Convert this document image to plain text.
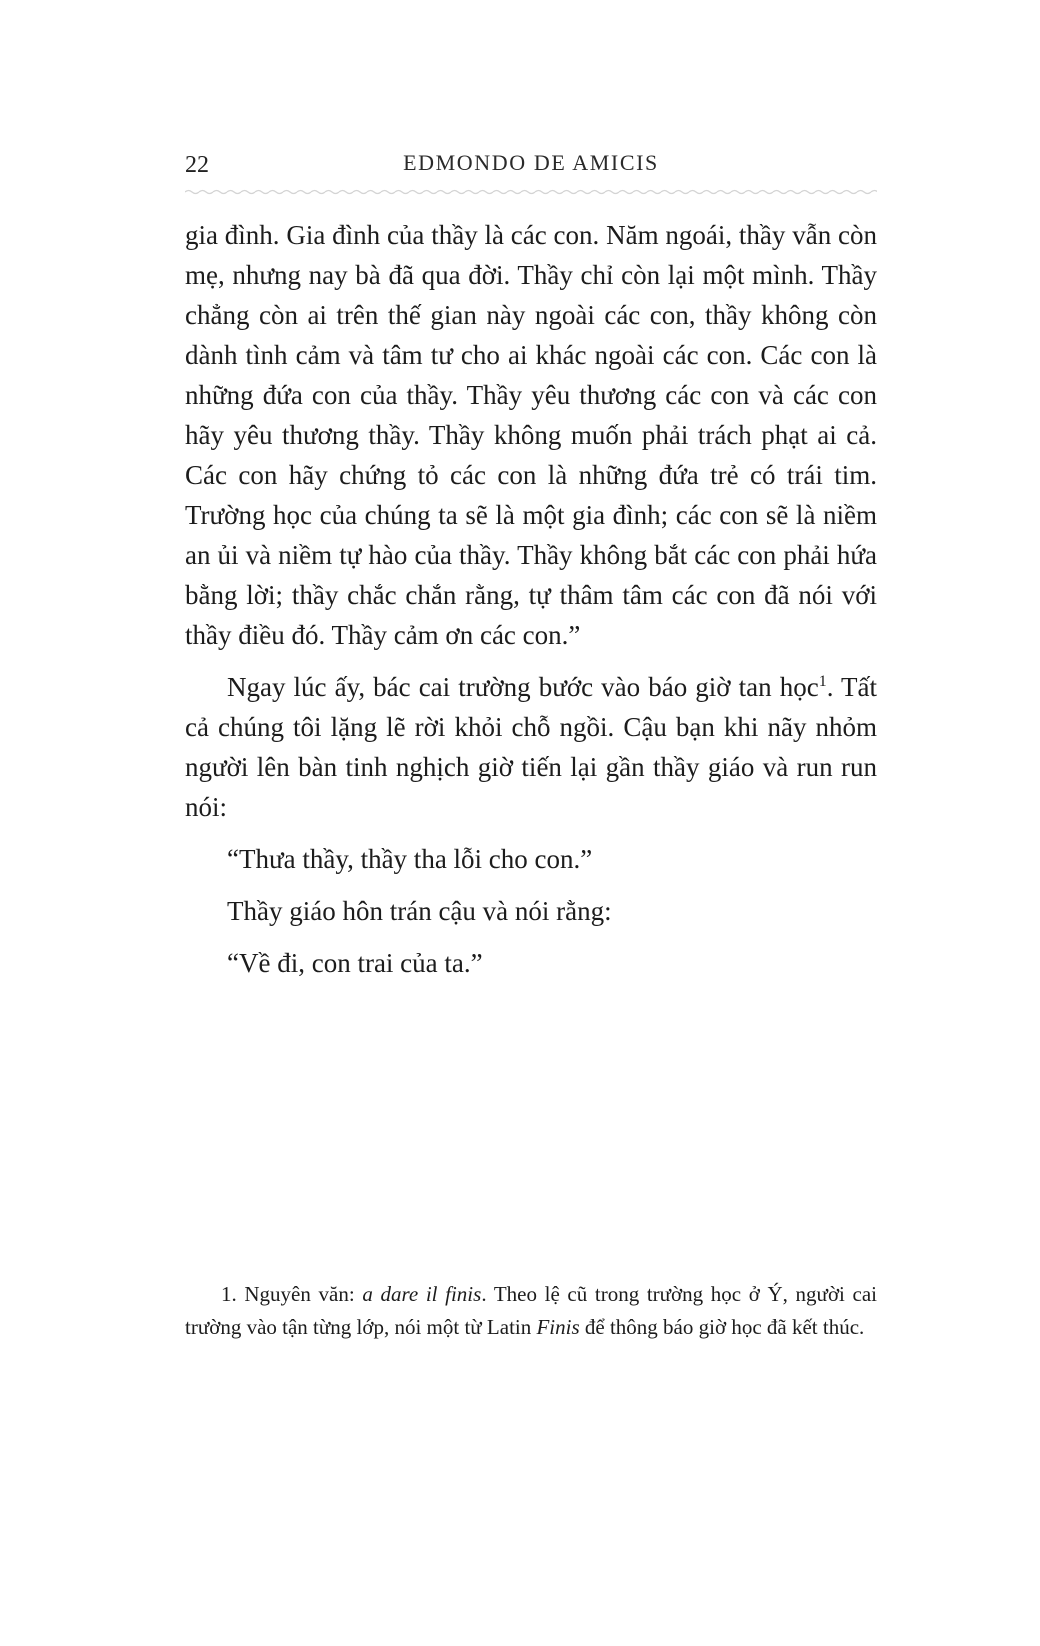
22	EDMONDO DE AMICIS

gia đình. Gia đình của thầy là các con. Năm ngoái, thầy vẫn còn mẹ, nhưng nay bà đã qua đời. Thầy chỉ còn lại một mình. Thầy chẳng còn ai trên thế gian này ngoài các con, thầy không còn dành tình cảm và tâm tư cho ai khác ngoài các con. Các con là những đứa con của thầy. Thầy yêu thương các con và các con hãy yêu thương thầy. Thầy không muốn phải trách phạt ai cả. Các con hãy chứng tỏ các con là những đứa trẻ có trái tim. Trường học của chúng ta sẽ là một gia đình; các con sẽ là niềm an ủi và niềm tự hào của thầy. Thầy không bắt các con phải hứa bằng lời; thầy chắc chắn rằng, tự thâm tâm các con đã nói với thầy điều đó. Thầy cảm ơn các con.”

Ngay lúc ấy, bác cai trường bước vào báo giờ tan học$^1$. Tất cả chúng tôi lặng lẽ rời khỏi chỗ ngồi. Cậu bạn khi nãy nhỏm người lên bàn tinh nghịch giờ tiến lại gần thầy giáo và run run nói:

“Thưa thầy, thầy tha lỗi cho con.”

Thầy giáo hôn trán cậu và nói rằng:

“Về đi, con trai của ta.”

1. Nguyên văn: a dare il finis. Theo lệ cũ trong trường học ở Ý, người cai trường vào tận từng lớp, nói một từ Latin Finis để thông báo giờ học đã kết thúc.
